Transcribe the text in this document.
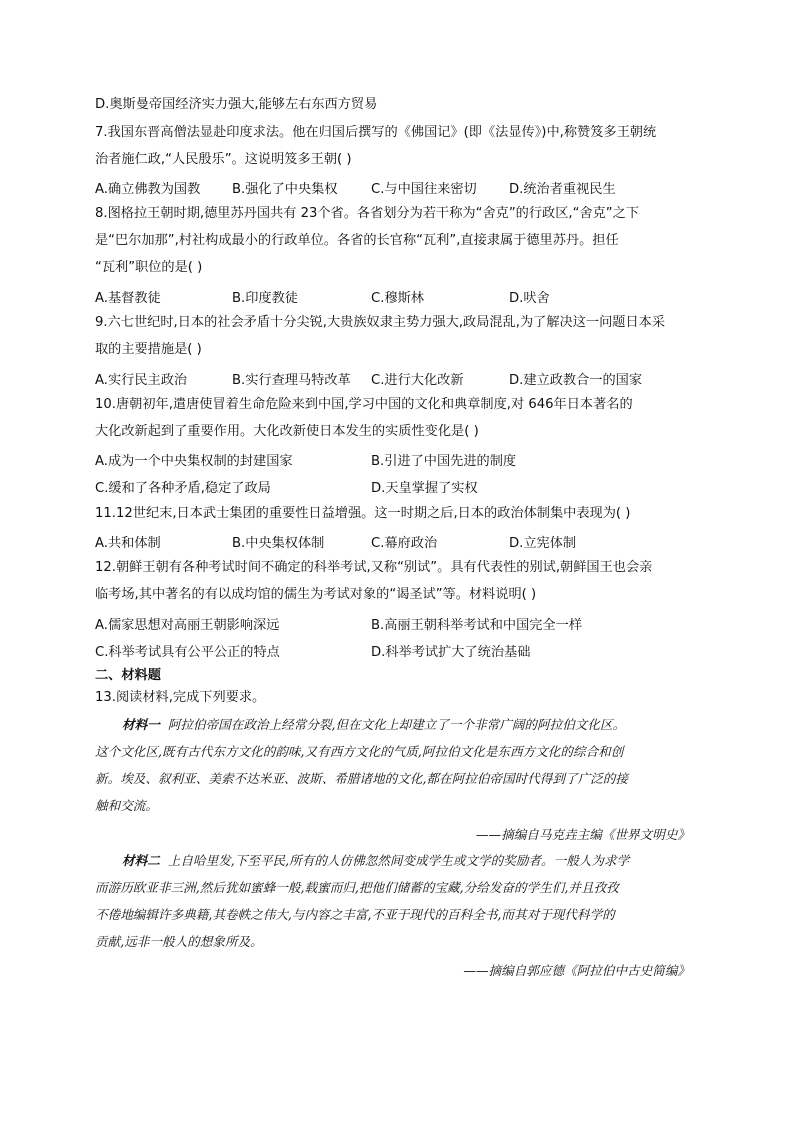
D.奥斯曼帝国经济实力强大,能够左右东西方贸易
7.我国东晋高僧法显赴印度求法。他在归国后撰写的《佛国记》(即《法显传》)中,称赞笈多王朝统
治者施仁政,“人民殷乐”。这说明笈多王朝( )
A.确立佛教为国教 B.强化了中央集权	C.与中国往来密切 D.统治者重视民生
8.图格拉王朝时期,德里苏丹国共有 23个省。各省划分为若干称为“舍克”的行政区,“舍克”之下
是“巴尔加那”,村社构成最小的行政单位。各省的长官称“瓦利”,直接隶属于德里苏丹。担任
“瓦利”职位的是( )
A.基督教徒	B.印度教徒	C.穆斯林	D.吠舍
9.六七世纪时,日本的社会矛盾十分尖锐,大贵族奴隶主势力强大,政局混乱,为了解决这一问题日本采
取的主要措施是( )
A.实行民主政治	B.实行查理马特改革 C.进行大化改新	D.建立政教合一的国家
10.唐朝初年,遣唐使冒着生命危险来到中国,学习中国的文化和典章制度,对 646年日本著名的
大化改新起到了重要作用。大化改新使日本发生的实质性变化是( )
A.成为一个中央集权制的封建国家	B.引进了中国先进的制度
C.缓和了各种矛盾,稳定了政局	D.天皇掌握了实权
11.12世纪末,日本武士集团的重要性日益增强。这一时期之后,日本的政治体制集中表现为( )
A.共和体制	B.中央集权体制	C.幕府政治	D.立宪体制
12.朝鲜王朝有各种考试时间不确定的科举考试,又称“别试”。具有代表性的别试,朝鲜国王也会亲
临考场,其中著名的有以成均馆的儒生为考试对象的“谒圣试”等。材料说明( )
A.儒家思想对高丽王朝影响深远	B.高丽王朝科举考试和中国完全一样
C.科举考试具有公平公正的特点	D.科举考试扩大了统治基础
二、材料题
13.阅读材料,完成下列要求。
材料一 阿拉伯帝国在政治上经常分裂,但在文化上却建立了一个非常广阔的阿拉伯文化区。
这个文化区,既有古代东方文化的韵味,又有西方文化的气质,阿拉伯文化是东西方文化的综合和创
新。埃及、叙利亚、美索不达米亚、波斯、希腊诸地的文化,都在阿拉伯帝国时代得到了广泛的接
触和交流。
——摘编自马克垚主编《世界文明史》
材料二 上自哈里发,下至平民,所有的人仿佛忽然间变成学生或文学的奖励者。一般人为求学
而游历欧亚非三洲,然后犹如蜜蜂一般,载蜜而归,把他们储蓄的宝藏,分给发奋的学生们,并且孜孜
不倦地编辑许多典籍,其卷帙之伟大,与内容之丰富,不亚于现代的百科全书,而其对于现代科学的
贡献,远非一般人的想象所及。
——摘编自郭应德《阿拉伯中古史简编》
